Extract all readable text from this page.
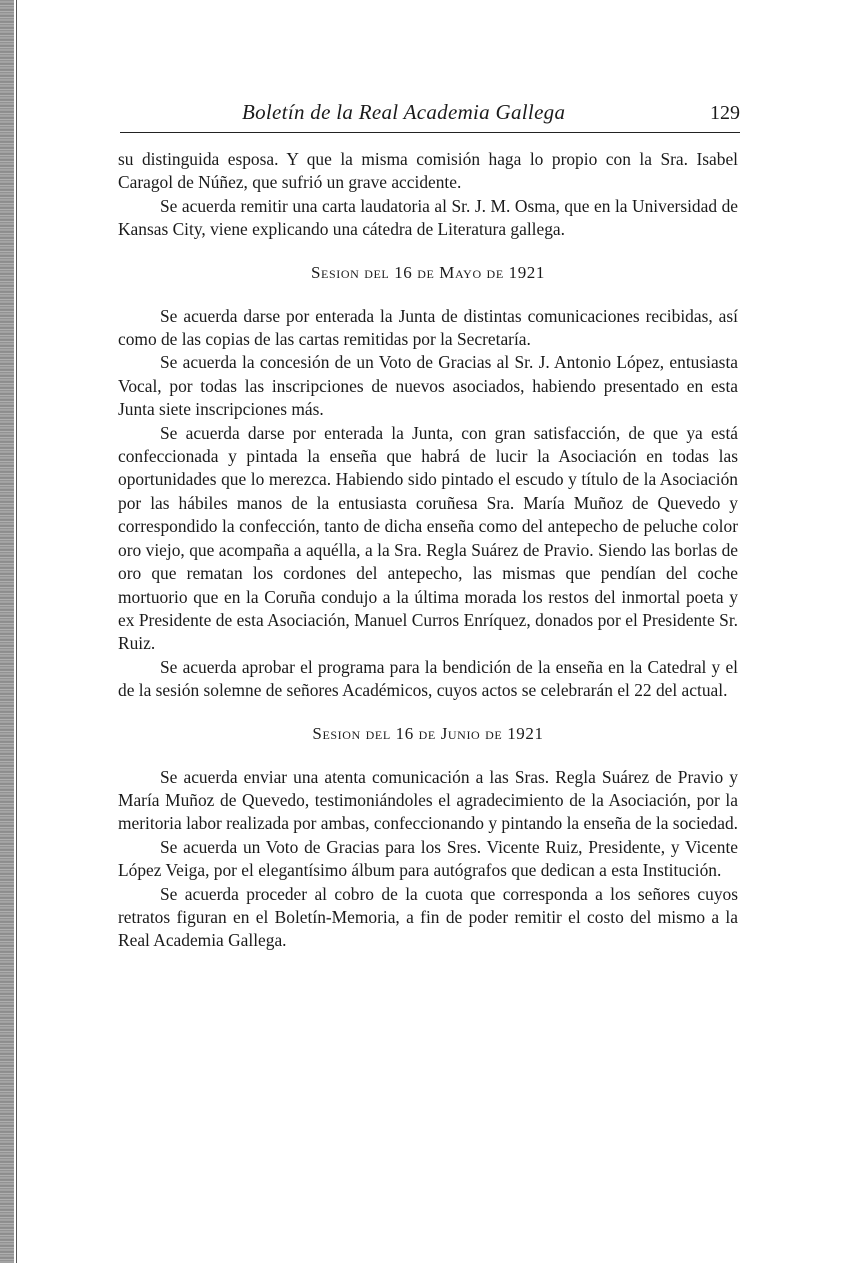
Boletín de la Real Academia Gallega	129

su distinguida esposa. Y que la misma comisión haga lo propio con la Sra. Isabel Caragol de Núñez, que sufrió un grave accidente.

Se acuerda remitir una carta laudatoria al Sr. J. M. Osma, que en la Universidad de Kansas City, viene explicando una cátedra de Literatura gallega.

Sesion del 16 de Mayo de 1921

Se acuerda darse por enterada la Junta de distintas comunicaciones recibidas, así como de las copias de las cartas remitidas por la Secretaría.

Se acuerda la concesión de un Voto de Gracias al Sr. J. Antonio López, entusiasta Vocal, por todas las inscripciones de nuevos asociados, habiendo presentado en esta Junta siete inscripciones más.

Se acuerda darse por enterada la Junta, con gran satisfacción, de que ya está confeccionada y pintada la enseña que habrá de lucir la Asociación en todas las oportunidades que lo merezca. Habiendo sido pintado el escudo y título de la Asociación por las hábiles manos de la entusiasta coruñesa Sra. María Muñoz de Quevedo y correspondido la confección, tanto de dicha enseña como del antepecho de peluche color oro viejo, que acompaña a aquélla, a la Sra. Regla Suárez de Pravio. Siendo las borlas de oro que rematan los cordones del antepecho, las mismas que pendían del coche mortuorio que en la Coruña condujo a la última morada los restos del inmortal poeta y ex Presidente de esta Asociación, Manuel Curros Enríquez, donados por el Presidente Sr. Ruiz.

Se acuerda aprobar el programa para la bendición de la enseña en la Catedral y el de la sesión solemne de señores Académicos, cuyos actos se celebrarán el 22 del actual.

Sesion del 16 de Junio de 1921

Se acuerda enviar una atenta comunicación a las Sras. Regla Suárez de Pravio y María Muñoz de Quevedo, testimoniándoles el agradecimiento de la Asociación, por la meritoria labor realizada por ambas, confeccionando y pintando la enseña de la sociedad.

Se acuerda un Voto de Gracias para los Sres. Vicente Ruiz, Presidente, y Vicente López Veiga, por el elegantísimo álbum para autógrafos que dedican a esta Institución.

Se acuerda proceder al cobro de la cuota que corresponda a los señores cuyos retratos figuran en el Boletín-Memoria, a fin de poder remitir el costo del mismo a la Real Academia Gallega.
